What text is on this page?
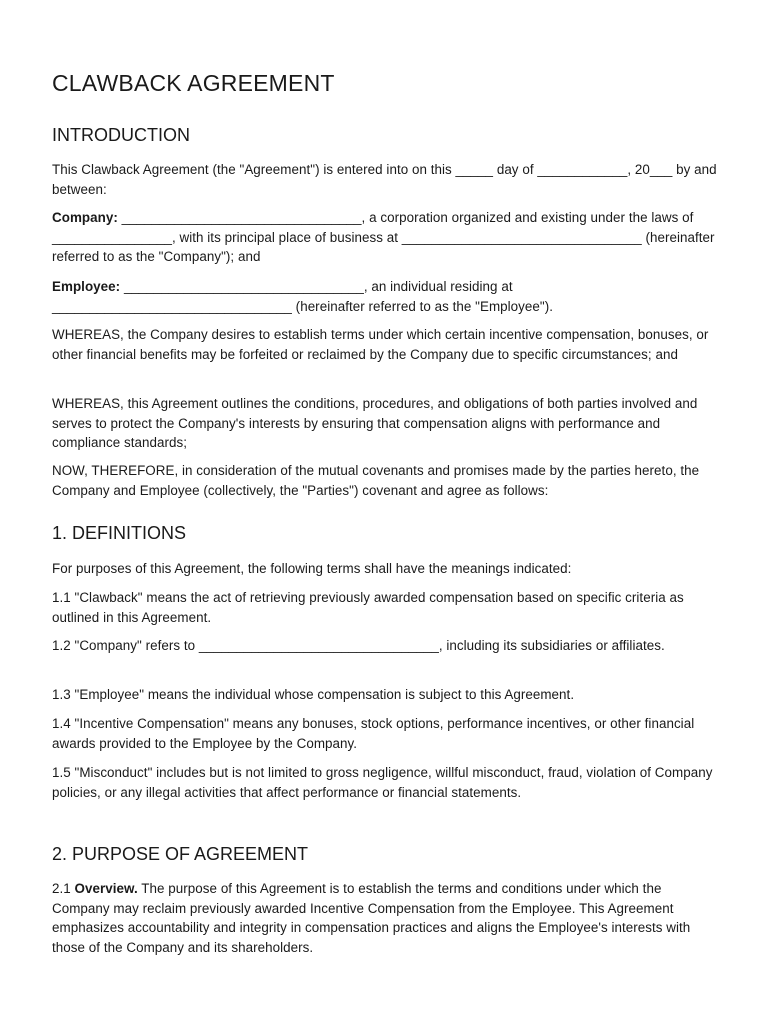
CLAWBACK AGREEMENT
INTRODUCTION

This Clawback Agreement (the "Agreement") is entered into on this _____ day of ____________, 20___ by and between:

Company: ________________________________, a corporation organized and existing under the laws of ________________, with its principal place of business at ________________________________ (hereinafter referred to as the "Company"); and

Employee: ________________________________, an individual residing at ________________________________ (hereinafter referred to as the "Employee").

WHEREAS, the Company desires to establish terms under which certain incentive compensation, bonuses, or other financial benefits may be forfeited or reclaimed by the Company due to specific circumstances; and

WHEREAS, this Agreement outlines the conditions, procedures, and obligations of both parties involved and serves to protect the Company's interests by ensuring that compensation aligns with performance and compliance standards;

NOW, THEREFORE, in consideration of the mutual covenants and promises made by the parties hereto, the Company and Employee (collectively, the "Parties") covenant and agree as follows:

1. DEFINITIONS

For purposes of this Agreement, the following terms shall have the meanings indicated:

1.1 "Clawback" means the act of retrieving previously awarded compensation based on specific criteria as outlined in this Agreement.

1.2 "Company" refers to ________________________________, including its subsidiaries or affiliates.

1.3 "Employee" means the individual whose compensation is subject to this Agreement.

1.4 "Incentive Compensation" means any bonuses, stock options, performance incentives, or other financial awards provided to the Employee by the Company.

1.5 "Misconduct" includes but is not limited to gross negligence, willful misconduct, fraud, violation of Company policies, or any illegal activities that affect performance or financial statements.

2. PURPOSE OF AGREEMENT

2.1 Overview. The purpose of this Agreement is to establish the terms and conditions under which the Company may reclaim previously awarded Incentive Compensation from the Employee. This Agreement emphasizes accountability and integrity in compensation practices and aligns the Employee's interests with those of the Company and its shareholders.
